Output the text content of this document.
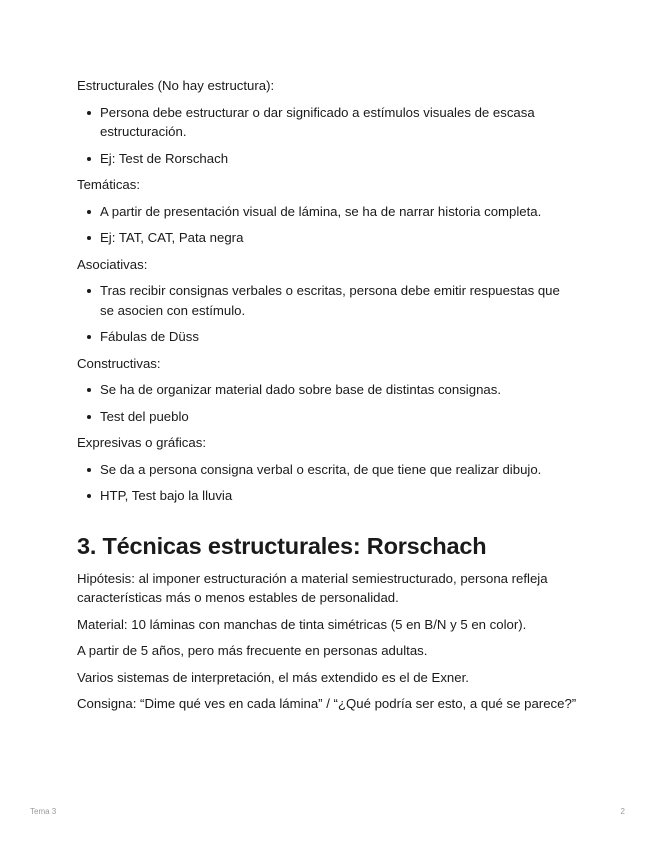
Estructurales (No hay estructura):

Persona debe estructurar o dar significado a estímulos visuales de escasa estructuración.
Ej: Test de Rorschach

Temáticas:

A partir de presentación visual de lámina, se ha de narrar historia completa.
Ej: TAT, CAT, Pata negra

Asociativas:

Tras recibir consignas verbales o escritas, persona debe emitir respuestas que se asocien con estímulo.
Fábulas de Düss

Constructivas:

Se ha de organizar material dado sobre base de distintas consignas.
Test del pueblo

Expresivas o gráficas:

Se da a persona consigna verbal o escrita, de que tiene que realizar dibujo.
HTP, Test bajo la lluvia
3. Técnicas estructurales: Rorschach

Hipótesis: al imponer estructuración a material semiestructurado, persona refleja características más o menos estables de personalidad.

Material: 10 láminas con manchas de tinta simétricas (5 en B/N y 5 en color).

A partir de 5 años, pero más frecuente en personas adultas.

Varios sistemas de interpretación, el más extendido es el de Exner.

Consigna: “Dime qué ves en cada lámina” / “¿Qué podría ser esto, a qué se parece?”

Tema 3	2
